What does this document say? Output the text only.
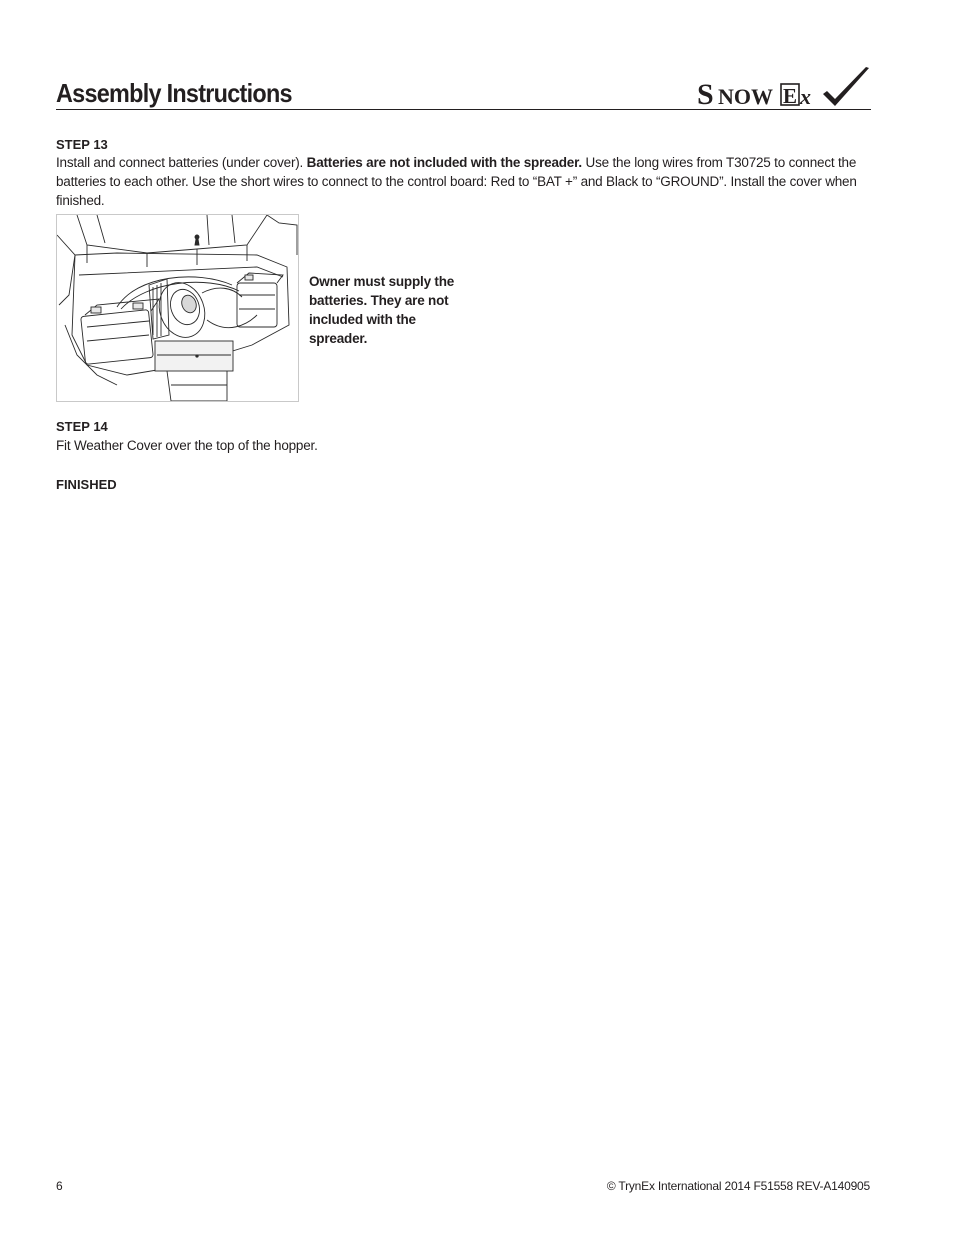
Assembly Instructions	S NOW E x

STEP 13

Install and connect batteries (under cover). Batteries are not included with the spreader. Use the long wires from T30725 to connect the batteries to each other. Use the short wires to connect to the control board: Red to “BAT +” and Black to “GROUND”. Install the cover when finished.

Owner must supply the batteries. They are not included with the spreader.

STEP 14

Fit Weather Cover over the top of the hopper.

FINISHED

6	© TrynEx International 2014 F51558 REV-A140905
